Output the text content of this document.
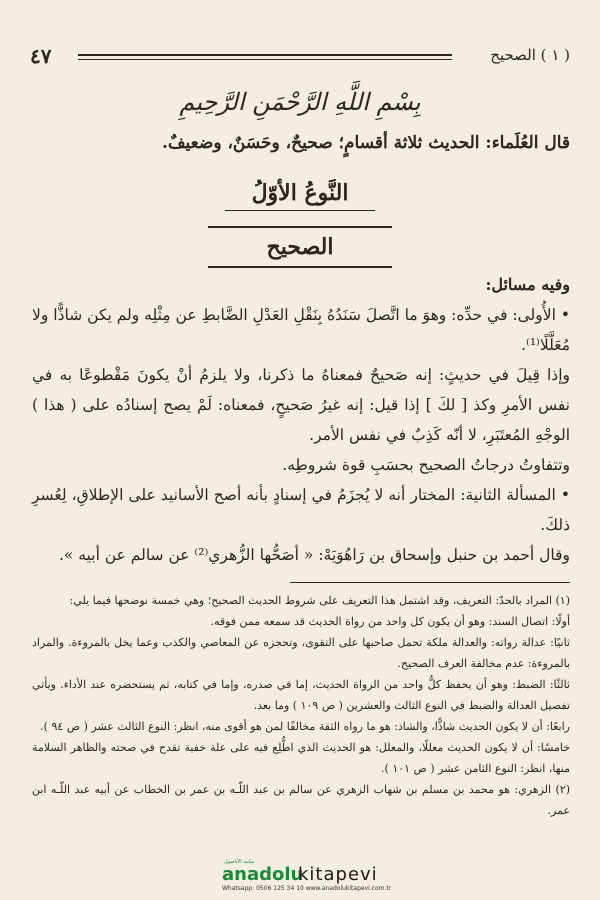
٤٧	( ١ ) الصحيح
بِسْمِ اللَّهِ الرَّحْمَنِ الرَّحِيمِ
قال العُلَماء: الحديث ثلاثة أقسامٍ؛ صحيحٌ، وحَسَنٌ، وضعيفٌ.
النَّوعُ الأوّلُ
الصحيح

وفيه مسائل:

• الأُولى: في حدِّه: وهوَ ما اتَّصلَ سَنَدُهُ بِنَقْلِ العَدْلِ الضَّابطِ عن مِثْلِه ولم يكن شاذًّا ولا مُعَلَّلًا⁽¹⁾.

وإذا قِيلَ في حديثٍ: إنه صَحيحٌ فمعناهُ ما ذكرنا، ولا يلزمُ أنْ يكونَ مَقْطوعًا به في نفس الأمرِ وكذ [ لكَ ] إذا قيل: إنه غيرُ صَحيحٍ، فمعناه: لَمْ يصح إسنادُه على ( هذا ) الوجْهِ المُعتَبَرِ، لا أنّه كَذِبٌ في نفس الأمر.

وتتفاوتُ درجاتُ الصحيح بحسَبِ قوة شروطِه.

• المسألة الثانية: المختار أنه لا يُجزَمُ في إسنادٍ بأنه أصح الأسانيد على الإطلاقِ، لِعُسرِ ذلكَ.

وقال أحمد بن حنبل وإسحاق بن رَاهُوَيَهْ: « أصَحُّها الزُّهري⁽²⁾ عن سالم عن أبيه ».

(١) المراد بالحدّ: التعريف، وقد اشتمل هذا التعريف على شروط الحديث الصحيح؛ وهي خمسة نوضحها فيما يلي:

أولًا: اتصال السند: وهو أن يكون كل واحد من رواة الحديث قد سمعه ممن فوقه.

ثانيًا: عدالة رواته: والعدالة ملكة تحمل صاحبها على التقوى، وتحجزه عن المعاصي والكذب وعما يخل بالمروءة. والمراد بالمروءة: عدم مخالفة العرف الصحيح.

ثالثًا: الضبط: وهو أن يحفظ كلُّ واحد من الرواة الحديث، إما في صدره، وإما في كتابه، ثم يستحضره عند الأداء. ويأتي تفصيل العدالة والضبط في النوع الثالث والعشرين ( ص ١٠٩ ) وما بعد.

رابعًا: أن لا يكون الحديث شاذًّا، والشاذ: هو ما رواه الثقة مخالفًا لمن هو أقوى منه، انظر: النوع الثالث عشر ( ص ٩٤ ).

خامسًا: أن لا يكون الحديث معللًا، والمعلل: هو الحديث الذي اطُّلِع فيه على علة خفية تقدح في صحته والظاهر السلامة منها، انظر: النوع الثامن عشر ( ص ١٠١ ).

(٢) الزهري: هو محمد بن مسلم بن شهاب الزهري عن سالم بن عبد اللّـه بن عمر بن الخطاب عن أبيه عبد اللّـه ابن عمر.

مكتبة الأناضول
anadolu
kitapevi
Whatsapp: 0506 125 34 10 www.anadolukitapevi.com.tr
